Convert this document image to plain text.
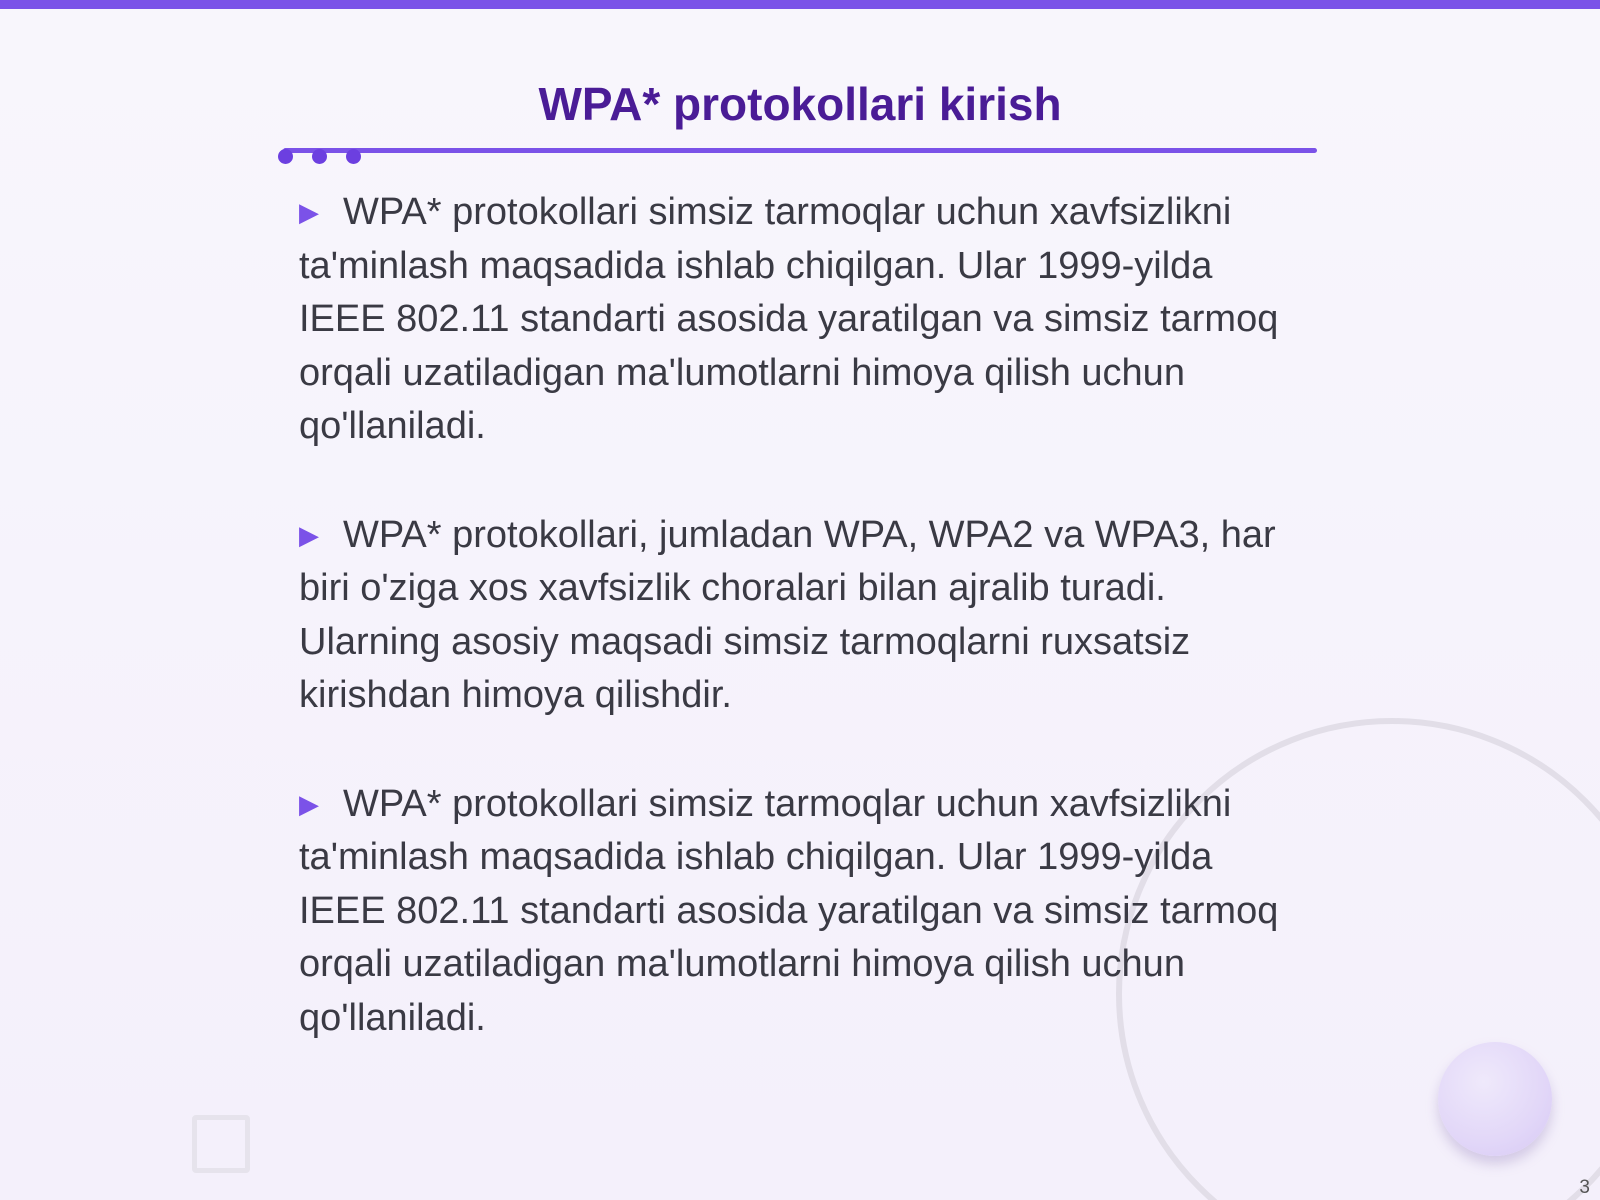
WPA* protokollari kirish

▶ WPA* protokollari simsiz tarmoqlar uchun xavfsizlikni ta'minlash maqsadida ishlab chiqilgan. Ular 1999-yilda IEEE 802.11 standarti asosida yaratilgan va simsiz tarmoq orqali uzatiladigan ma'lumotlarni himoya qilish uchun qo'llaniladi.

▶ WPA* protokollari, jumladan WPA, WPA2 va WPA3, har biri o'ziga xos xavfsizlik choralari bilan ajralib turadi. Ularning asosiy maqsadi simsiz tarmoqlarni ruxsatsiz kirishdan himoya qilishdir.

▶ WPA* protokollari simsiz tarmoqlar uchun xavfsizlikni ta'minlash maqsadida ishlab chiqilgan. Ular 1999-yilda IEEE 802.11 standarti asosida yaratilgan va simsiz tarmoq orqali uzatiladigan ma'lumotlarni himoya qilish uchun qo'llaniladi.

3
